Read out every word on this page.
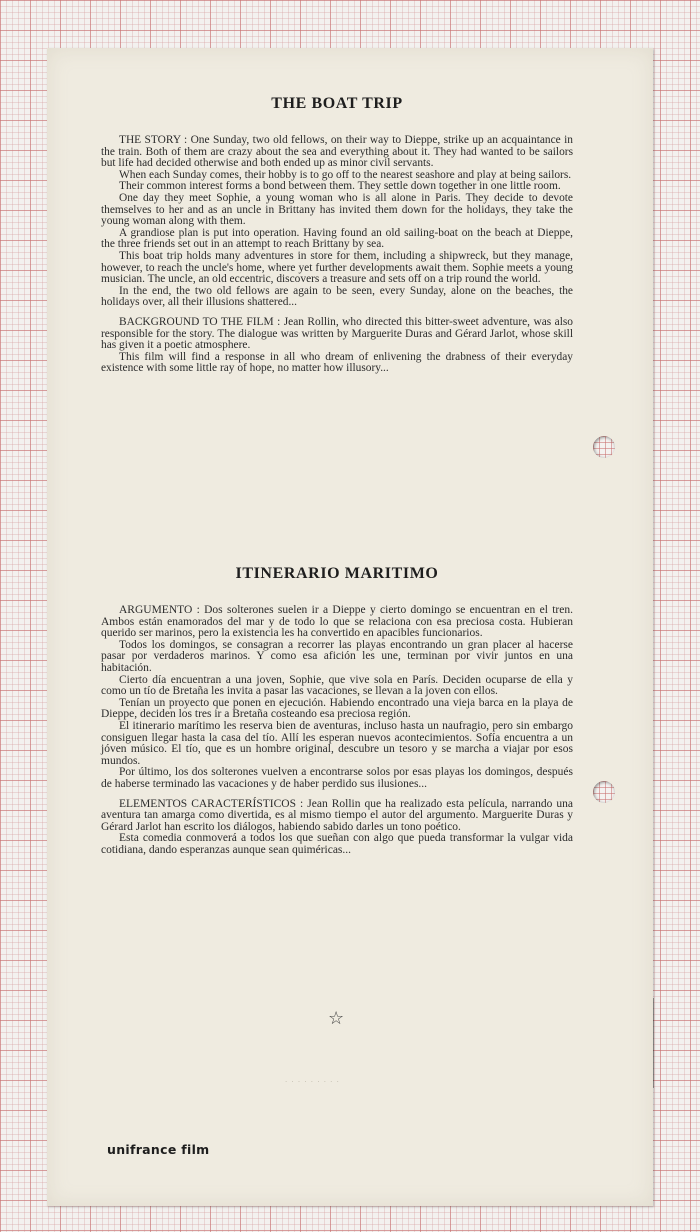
THE BOAT TRIP

THE STORY : One Sunday, two old fellows, on their way to Dieppe, strike up an acquaintance in the train. Both of them are crazy about the sea and everything about it. They had wanted to be sailors but life had decided otherwise and both ended up as minor civil servants.

When each Sunday comes, their hobby is to go off to the nearest seashore and play at being sailors.

Their common interest forms a bond between them. They settle down together in one little room.

One day they meet Sophie, a young woman who is all alone in Paris. They decide to devote themselves to her and as an uncle in Brittany has invited them down for the holidays, they take the young woman along with them.

A grandiose plan is put into operation. Having found an old sailing-boat on the beach at Dieppe, the three friends set out in an attempt to reach Brittany by sea.

This boat trip holds many adventures in store for them, including a shipwreck, but they manage, however, to reach the uncle's home, where yet further developments await them. Sophie meets a young musician. The uncle, an old eccentric, discovers a treasure and sets off on a trip round the world.

In the end, the two old fellows are again to be seen, every Sunday, alone on the beaches, the holidays over, all their illusions shattered...

BACKGROUND TO THE FILM : Jean Rollin, who directed this bitter-sweet adventure, was also responsible for the story. The dialogue was written by Marguerite Duras and Gérard Jarlot, whose skill has given it a poetic atmosphere.

This film will find a response in all who dream of enlivening the drabness of their everyday existence with some little ray of hope, no matter how illusory...

ITINERARIO MARITIMO

ARGUMENTO : Dos solterones suelen ir a Dieppe y cierto domingo se encuentran en el tren. Ambos están enamorados del mar y de todo lo que se relaciona con esa preciosa costa. Hubieran querido ser marinos, pero la existencia les ha convertido en apacibles funcionarios.

Todos los domingos, se consagran a recorrer las playas encontrando un gran placer al hacerse pasar por verdaderos marinos. Y como esa afición les une, terminan por vivir juntos en una habitación.

Cierto día encuentran a una joven, Sophie, que vive sola en París. Deciden ocuparse de ella y como un tío de Bretaña les invita a pasar las vacaciones, se llevan a la joven con ellos.

Tenían un proyecto que ponen en ejecución. Habiendo encontrado una vieja barca en la playa de Dieppe, deciden los tres ir a Bretaña costeando esa preciosa región.

El itinerario marítimo les reserva bien de aventuras, incluso hasta un naufragio, pero sin embargo consiguen llegar hasta la casa del tío. Allí les esperan nuevos acontecimientos. Sofía encuentra a un jóven músico. El tío, que es un hombre original, descubre un tesoro y se marcha a viajar por esos mundos.

Por último, los dos solterones vuelven a encontrarse solos por esas playas los domingos, después de haberse terminado las vacaciones y de haber perdido sus ilusiones...

ELEMENTOS CARACTERÍSTICOS : Jean Rollin que ha realizado esta película, narrando una aventura tan amarga como divertida, es al mismo tiempo el autor del argumento. Marguerite Duras y Gérard Jarlot han escrito los diálogos, habiendo sabido darles un tono poético.

Esta comedia conmoverá a todos los que sueñan con algo que pueda transformar la vulgar vida cotidiana, dando esperanzas aunque sean quiméricas...

☆
· · · · · · · · ·
unifrance film
